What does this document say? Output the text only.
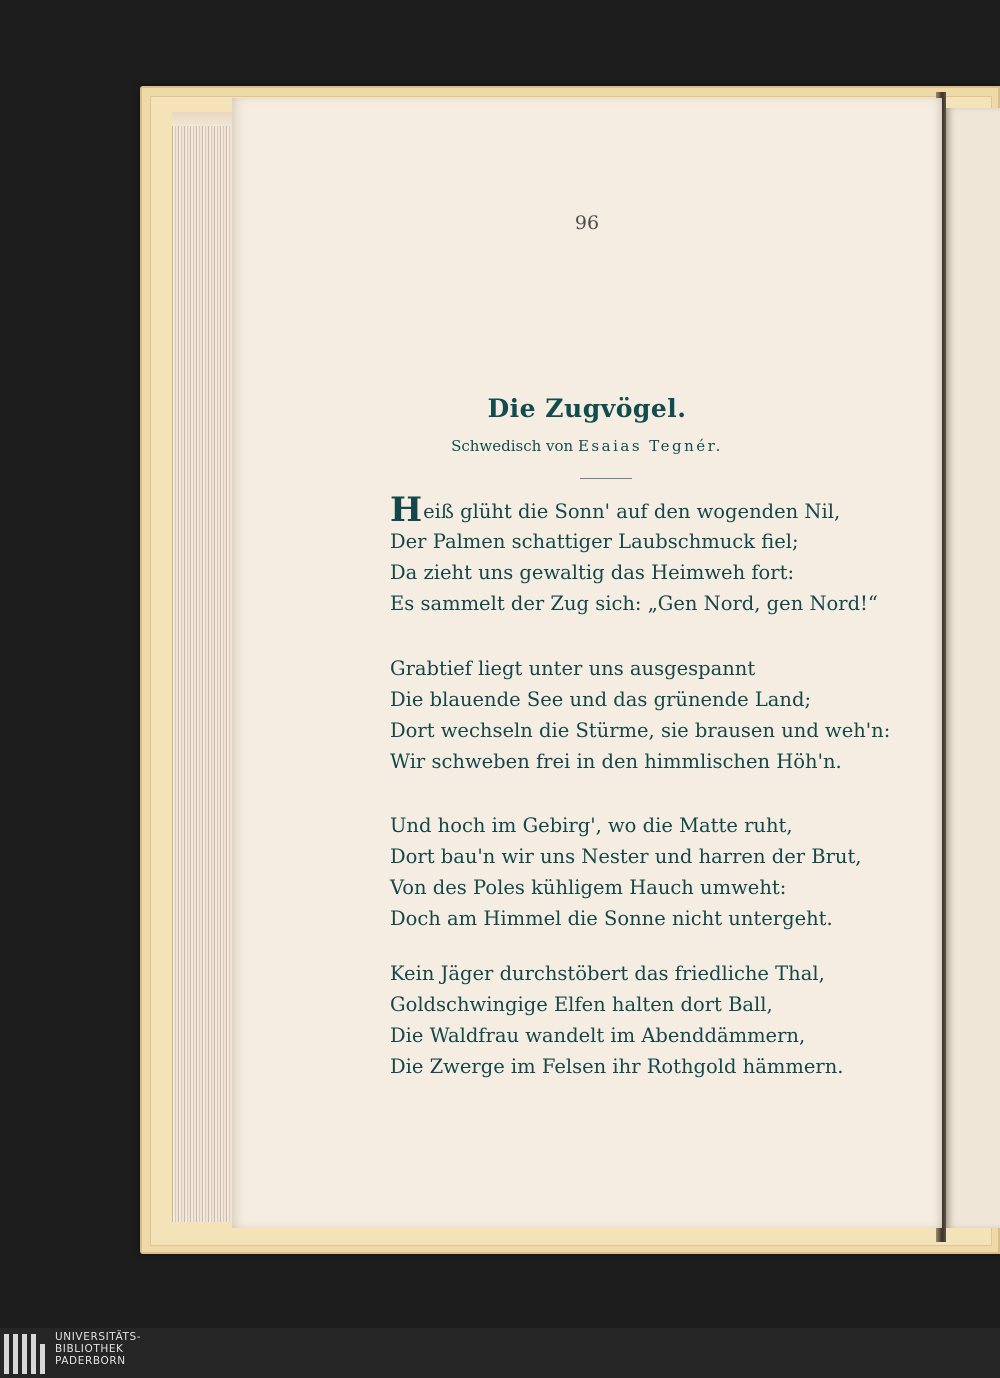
96
Die Zugvögel.
Schwedisch von Esaias Tegnér.
Heiß glüht die Sonn' auf den wogenden Nil,
Der Palmen schattiger Laubschmuck fiel;
Da zieht uns gewaltig das Heimweh fort:
Es sammelt der Zug sich: „Gen Nord, gen Nord!“
Grabtief liegt unter uns ausgespannt
Die blauende See und das grünende Land;
Dort wechseln die Stürme, sie brausen und weh'n:
Wir schweben frei in den himmlischen Höh'n.
Und hoch im Gebirg', wo die Matte ruht,
Dort bau'n wir uns Nester und harren der Brut,
Von des Poles kühligem Hauch umweht:
Doch am Himmel die Sonne nicht untergeht.
Kein Jäger durchstöbert das friedliche Thal,
Goldschwingige Elfen halten dort Ball,
Die Waldfrau wandelt im Abenddämmern,
Die Zwerge im Felsen ihr Rothgold hämmern.
UNIVERSITÄTS-
BIBLIOTHEK
PADERBORN
